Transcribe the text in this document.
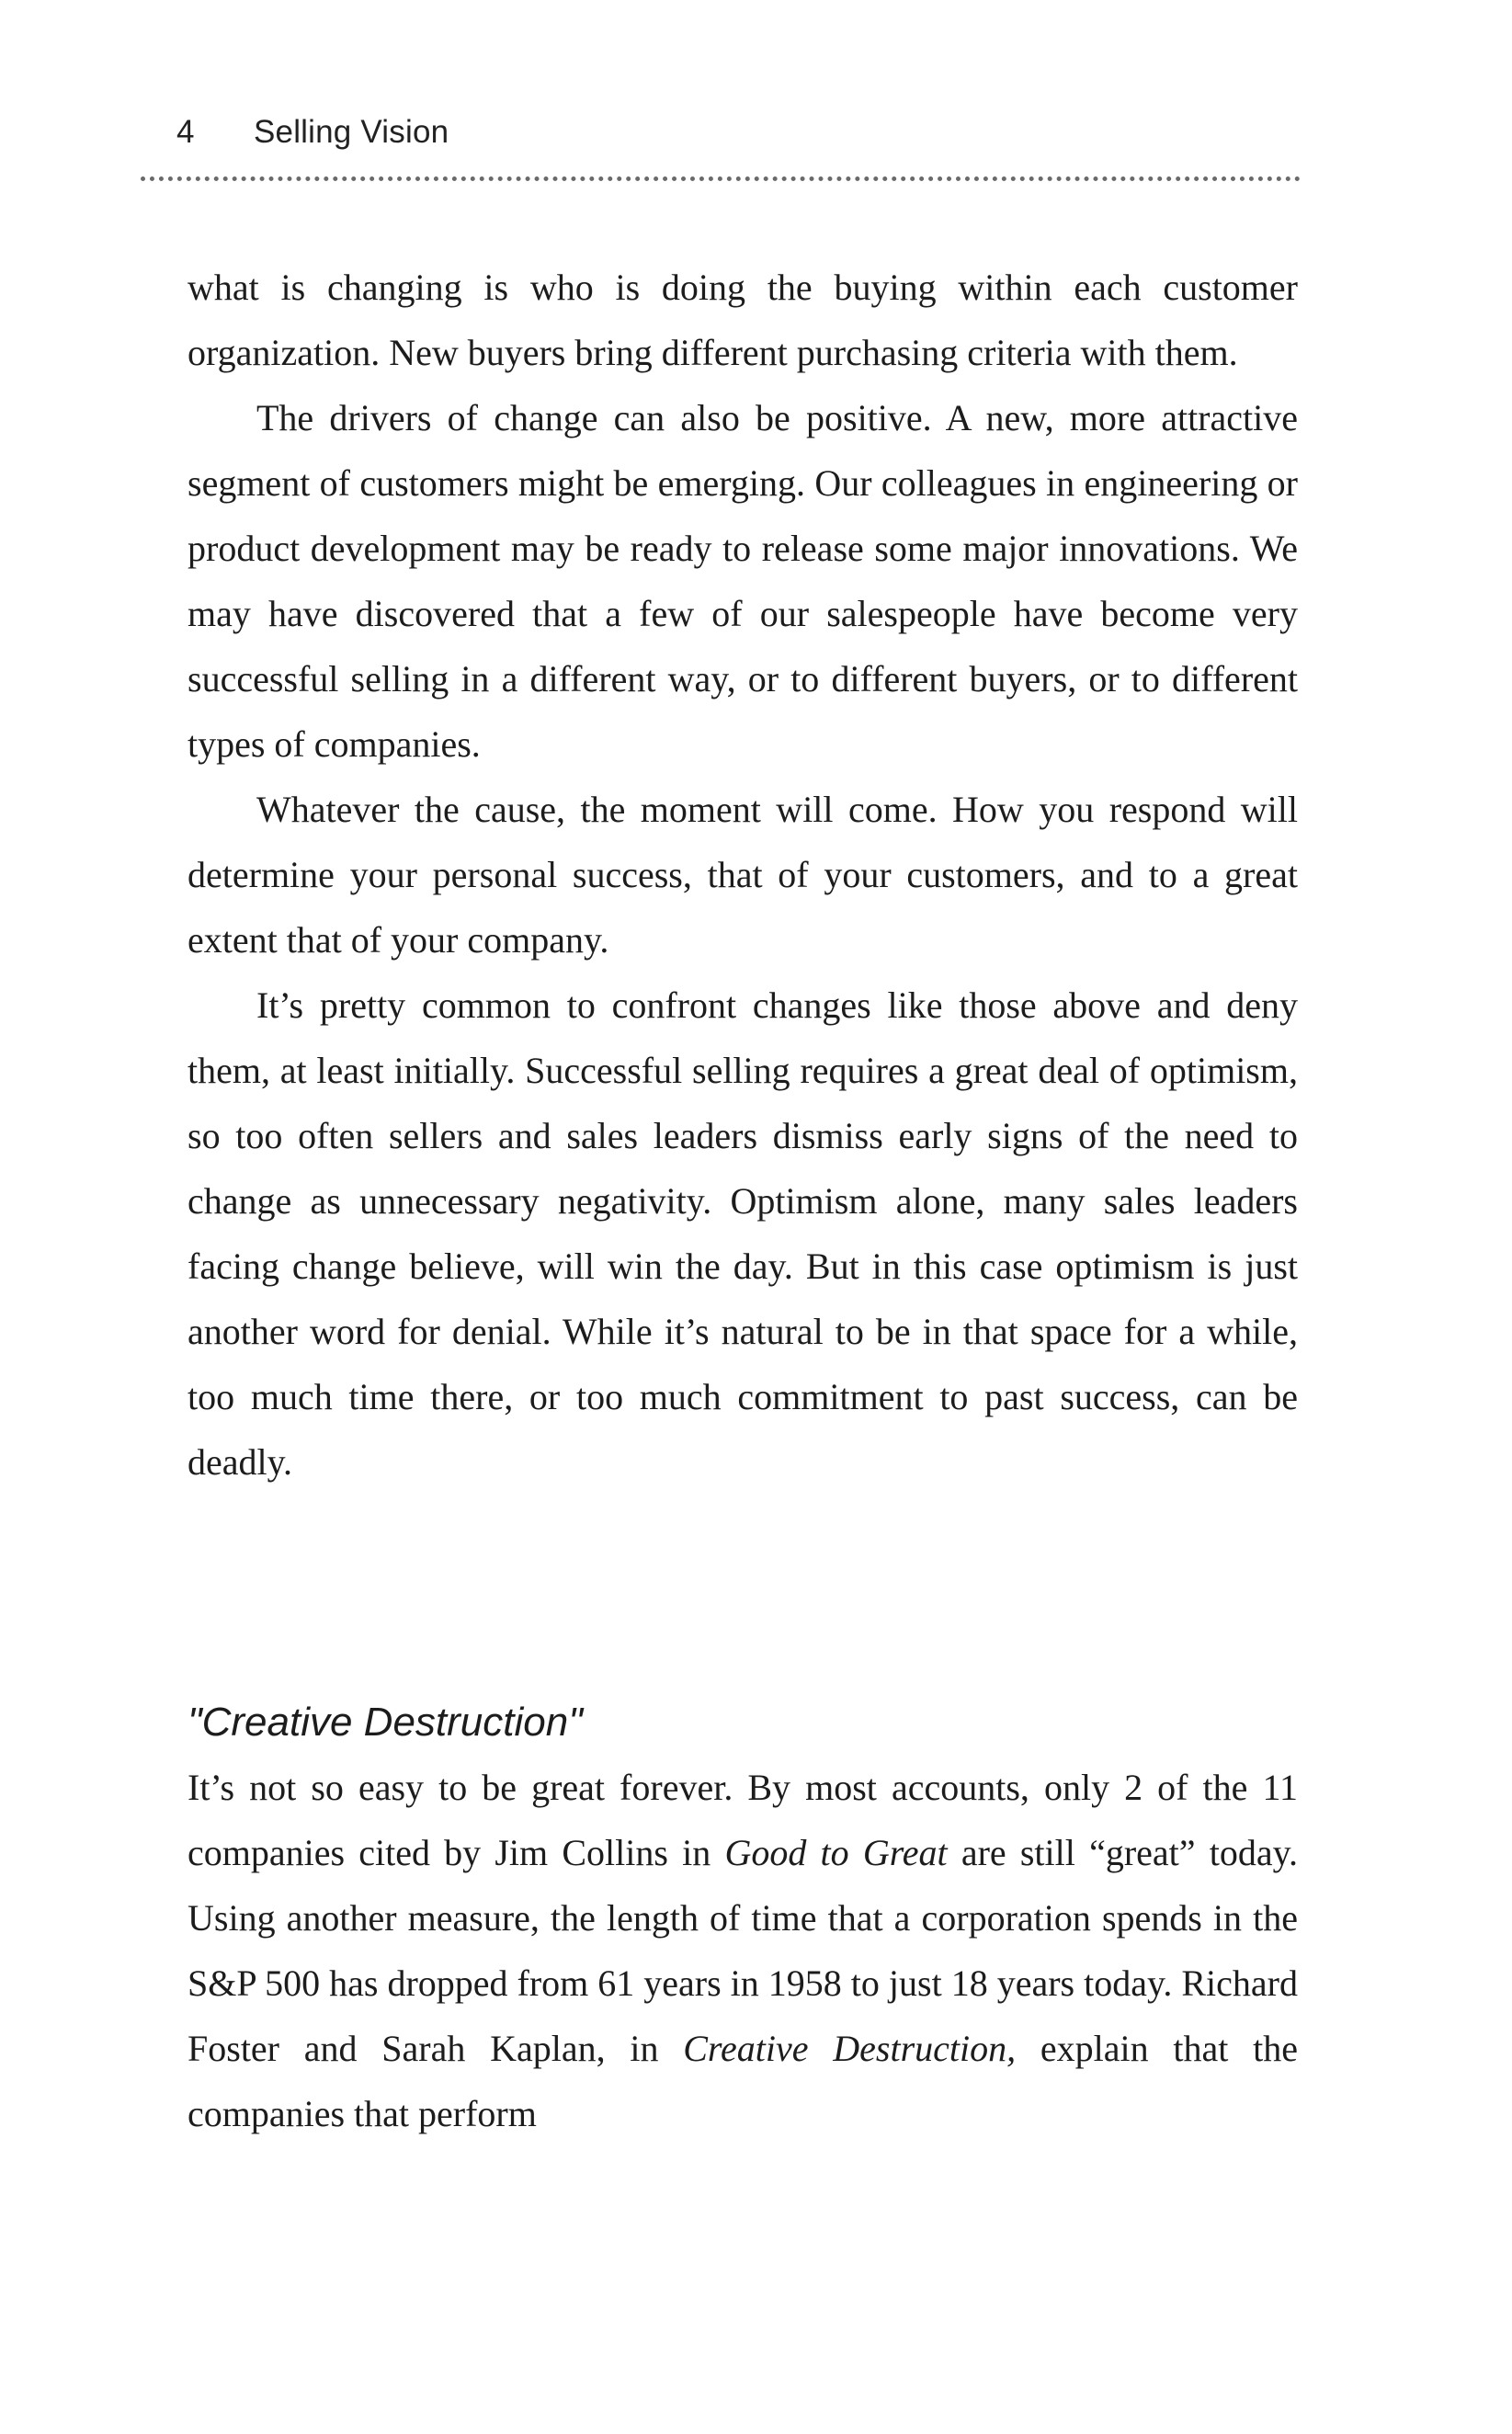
4 Selling Vision

what is changing is who is doing the buying within each customer organization. New buyers bring different purchasing criteria with them.

The drivers of change can also be positive. A new, more attractive segment of customers might be emerging. Our colleagues in engineering or product development may be ready to release some major innovations. We may have discovered that a few of our salespeople have become very successful selling in a different way, or to different buyers, or to different types of companies.

Whatever the cause, the moment will come. How you respond will determine your personal success, that of your customers, and to a great extent that of your company.

It’s pretty common to confront changes like those above and deny them, at least initially. Successful selling requires a great deal of optimism, so too often sellers and sales leaders dismiss early signs of the need to change as unnecessary negativity. Optimism alone, many sales leaders facing change believe, will win the day. But in this case optimism is just another word for denial. While it’s natural to be in that space for a while, too much time there, or too much commitment to past success, can be deadly.

"Creative Destruction"

It’s not so easy to be great forever. By most accounts, only 2 of the 11 companies cited by Jim Collins in Good to Great are still “great” today. Using another measure, the length of time that a corporation spends in the S&P 500 has dropped from 61 years in 1958 to just 18 years today. Richard Foster and Sarah Kaplan, in Creative Destruction, explain that the companies that perform
